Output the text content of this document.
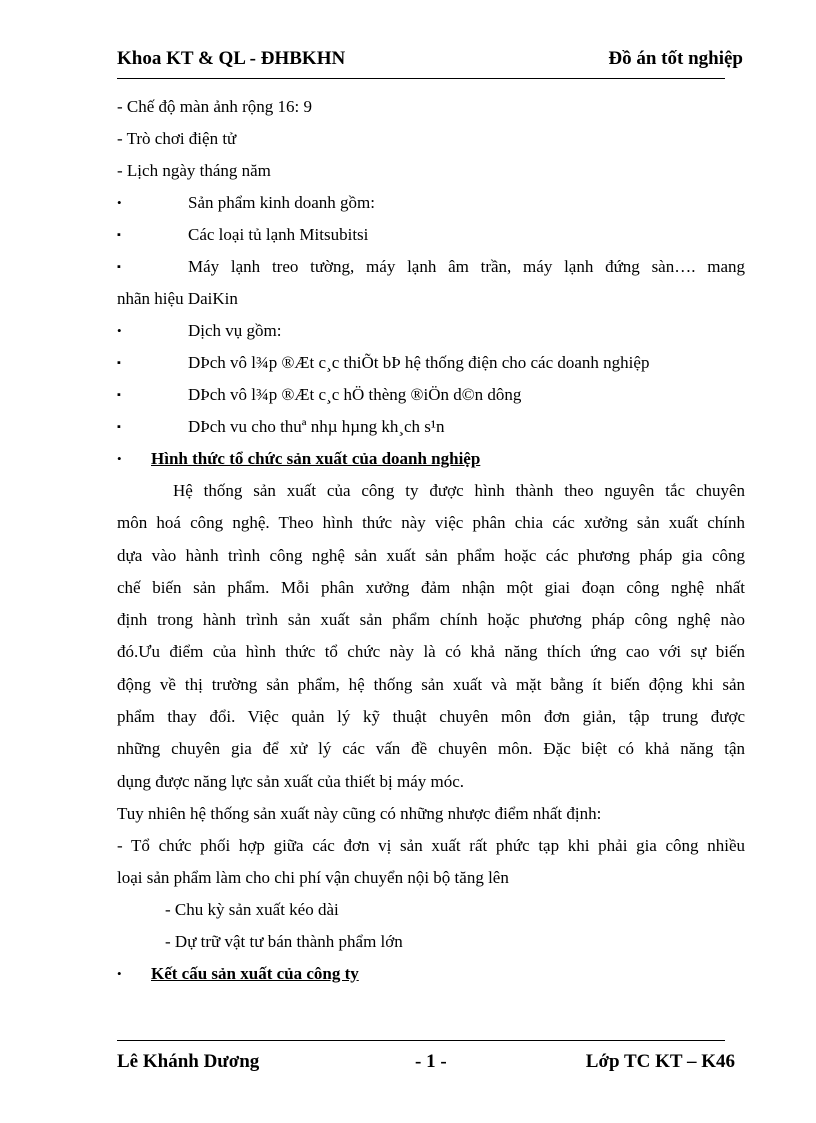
Khoa KT & QL - ĐHBKHN	Đồ án tốt nghiệp
- Chế độ màn ảnh rộng 16: 9
- Trò chơi điện tử
- Lịch ngày tháng năm
•	Sản phẩm kinh doanh gồm:
▪	Các loại tủ lạnh Mitsubitsi
▪	Máy lạnh treo tường, máy lạnh âm trần, máy lạnh đứng sàn…. mang
nhãn hiệu DaiKin
•	Dịch vụ gồm:
▪	DÞch vô l¾p ®Æt c¸c thiÕt bÞ hệ thống điện cho các doanh nghiệp
▪	DÞch vô l¾p ®Æt c¸c hÖ thèng ®iÖn d©n dông
▪	DÞch vu cho thuª nhµ hµng kh¸ch s¹n
•	Hình thức tổ chức sản xuất của doanh nghiệp

Hệ thống sản xuất của công ty được hình thành theo nguyên tắc chuyên

môn hoá công nghệ. Theo hình thức này việc phân chia các xưởng sản xuất chính

dựa vào hành trình công nghệ sản xuất sản phẩm hoặc các phương pháp gia công

chế biến sản phẩm. Mỗi phân xưởng đảm nhận một giai đoạn công nghệ nhất

định trong hành trình sản xuất sản phẩm chính hoặc phương pháp công nghệ nào

đó.Ưu điểm của hình thức tổ chức này là có khả năng thích ứng cao với sự biến

động về thị trường sản phẩm, hệ thống sản xuất và mặt bằng ít biến động khi sản

phẩm thay đổi. Việc quản lý kỹ thuật chuyên môn đơn giản, tập trung được

những chuyên gia để xử lý các vấn đề chuyên môn. Đặc biệt có khả năng tận

dụng được năng lực sản xuất của thiết bị máy móc.

Tuy nhiên hệ thống sản xuất này cũng có những nhược điểm nhất định:
- Tổ chức phối hợp giữa các đơn vị sản xuất rất phức tạp khi phải gia công nhiều
loại sản phẩm làm cho chi phí vận chuyển nội bộ tăng lên
- Chu kỳ sản xuất kéo dài
- Dự trữ vật tư bán thành phẩm lớn
•	Kết cấu sản xuất của công ty
Lê Khánh Dương	- 1 -	Lớp TC KT – K46
